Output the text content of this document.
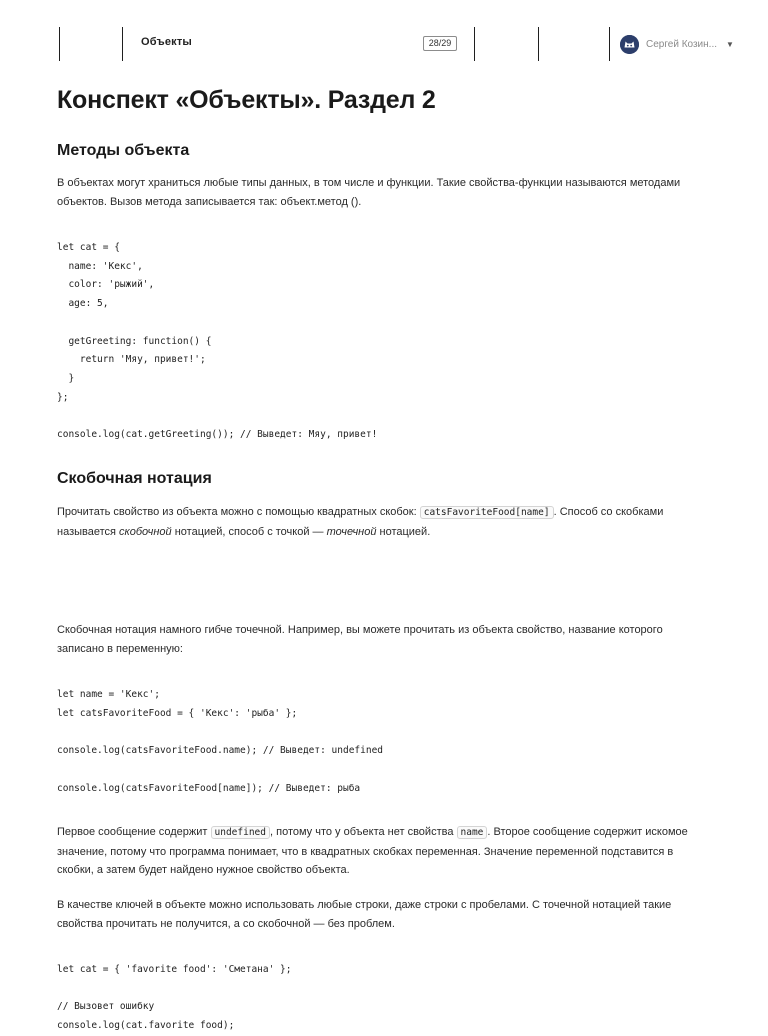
Объекты	28/29	Сергей Козин... ▼
Конспект «Объекты». Раздел 2
Методы объекта

В объектах могут храниться любые типы данных, в том числе и функции. Такие свойства-функции называются методами объектов. Вызов метода записывается так: объект.метод ().

let cat = {
name: 'Кекс',
color: 'рыжий',
age: 5,

getGreeting: function() {
return 'Мяу, привет!';
}
};

console.log(cat.getGreeting()); // Выведет: Мяу, привет!
Скобочная нотация

Прочитать свойство из объекта можно с помощью квадратных скобок: catsFavoriteFood[name] . Способ со скобками называется скобочной нотацией, способ с точкой — точечной нотацией.

Скобочная нотация намного гибче точечной. Например, вы можете прочитать из объекта свойство, название которого записано в переменную:

let name = 'Кекс';
let catsFavoriteFood = { 'Кекс': 'рыба' };

console.log(catsFavoriteFood.name); // Выведет: undefined

console.log(catsFavoriteFood[name]); // Выведет: рыба

Первое сообщение содержит undefined , потому что у объекта нет свойства name . Второе сообщение содержит искомое значение, потому что программа понимает, что в квадратных скобках переменная. Значение переменной подставится в скобки, а затем будет найдено нужное свойство объекта.

В качестве ключей в объекте можно использовать любые строки, даже строки с пробелами. С точечной нотацией такие свойства прочитать не получится, а со скобочной — без проблем.

let cat = { 'favorite food': 'Сметана' };

// Вызовет ошибку
console.log(cat.favorite food);
